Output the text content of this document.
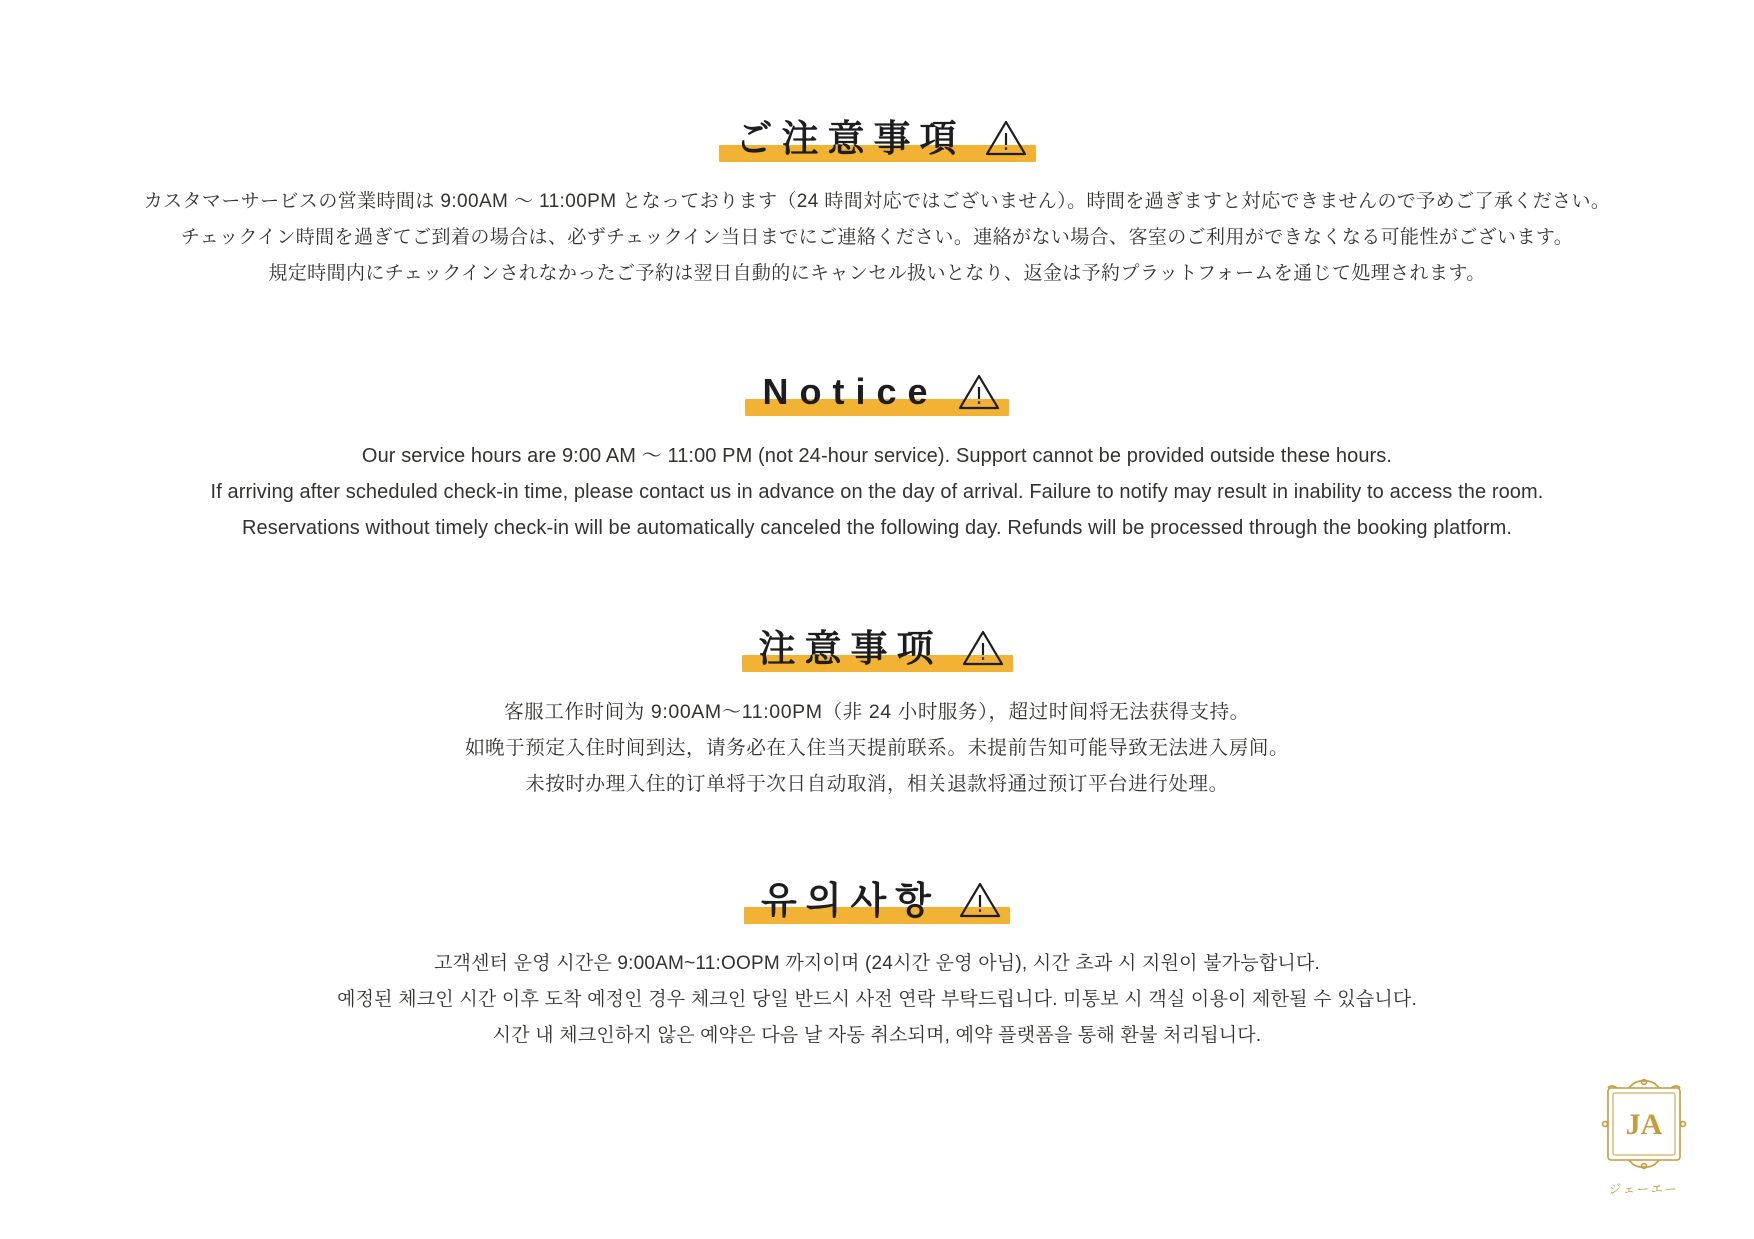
ご注意事項
カスタマーサービスの営業時間は 9:00AM 〜 11:00PM となっております（24 時間対応ではございません）。時間を過ぎますと対応できませんので予めご了承ください。
チェックイン時間を過ぎてご到着の場合は、必ずチェックイン当日までにご連絡ください。連絡がない場合、客室のご利用ができなくなる可能性がございます。
規定時間内にチェックインされなかったご予約は翌日自動的にキャンセル扱いとなり、返金は予約プラットフォームを通じて処理されます。
Notice
Our service hours are 9:00 AM 〜 11:00 PM (not 24-hour service). Support cannot be provided outside these hours.
If arriving after scheduled check-in time, please contact us in advance on the day of arrival. Failure to notify may result in inability to access the room.
Reservations without timely check-in will be automatically canceled the following day. Refunds will be processed through the booking platform.
注意事项
客服工作时间为 9:00AM〜11:00PM（非 24 小时服务），超过时间将无法获得支持。
如晚于预定入住时间到达，请务必在入住当天提前联系。未提前告知可能导致无法进入房间。
未按时办理入住的订单将于次日自动取消，相关退款将通过预订平台进行处理。
유의사항
고객센터 운영 시간은 9:00AM~11:OOPM 까지이며 (24시간 운영 아님), 시간 초과 시 지원이 불가능합니다.
예정된 체크인 시간 이후 도착 예정인 경우 체크인 당일 반드시 사전 연락 부탁드립니다. 미통보 시 객실 이용이 제한될 수 있습니다.
시간 내 체크인하지 않은 예약은 다음 날 자동 취소되며, 예약 플랫폼을 통해 환불 처리됩니다.
JA
ジェーエー
